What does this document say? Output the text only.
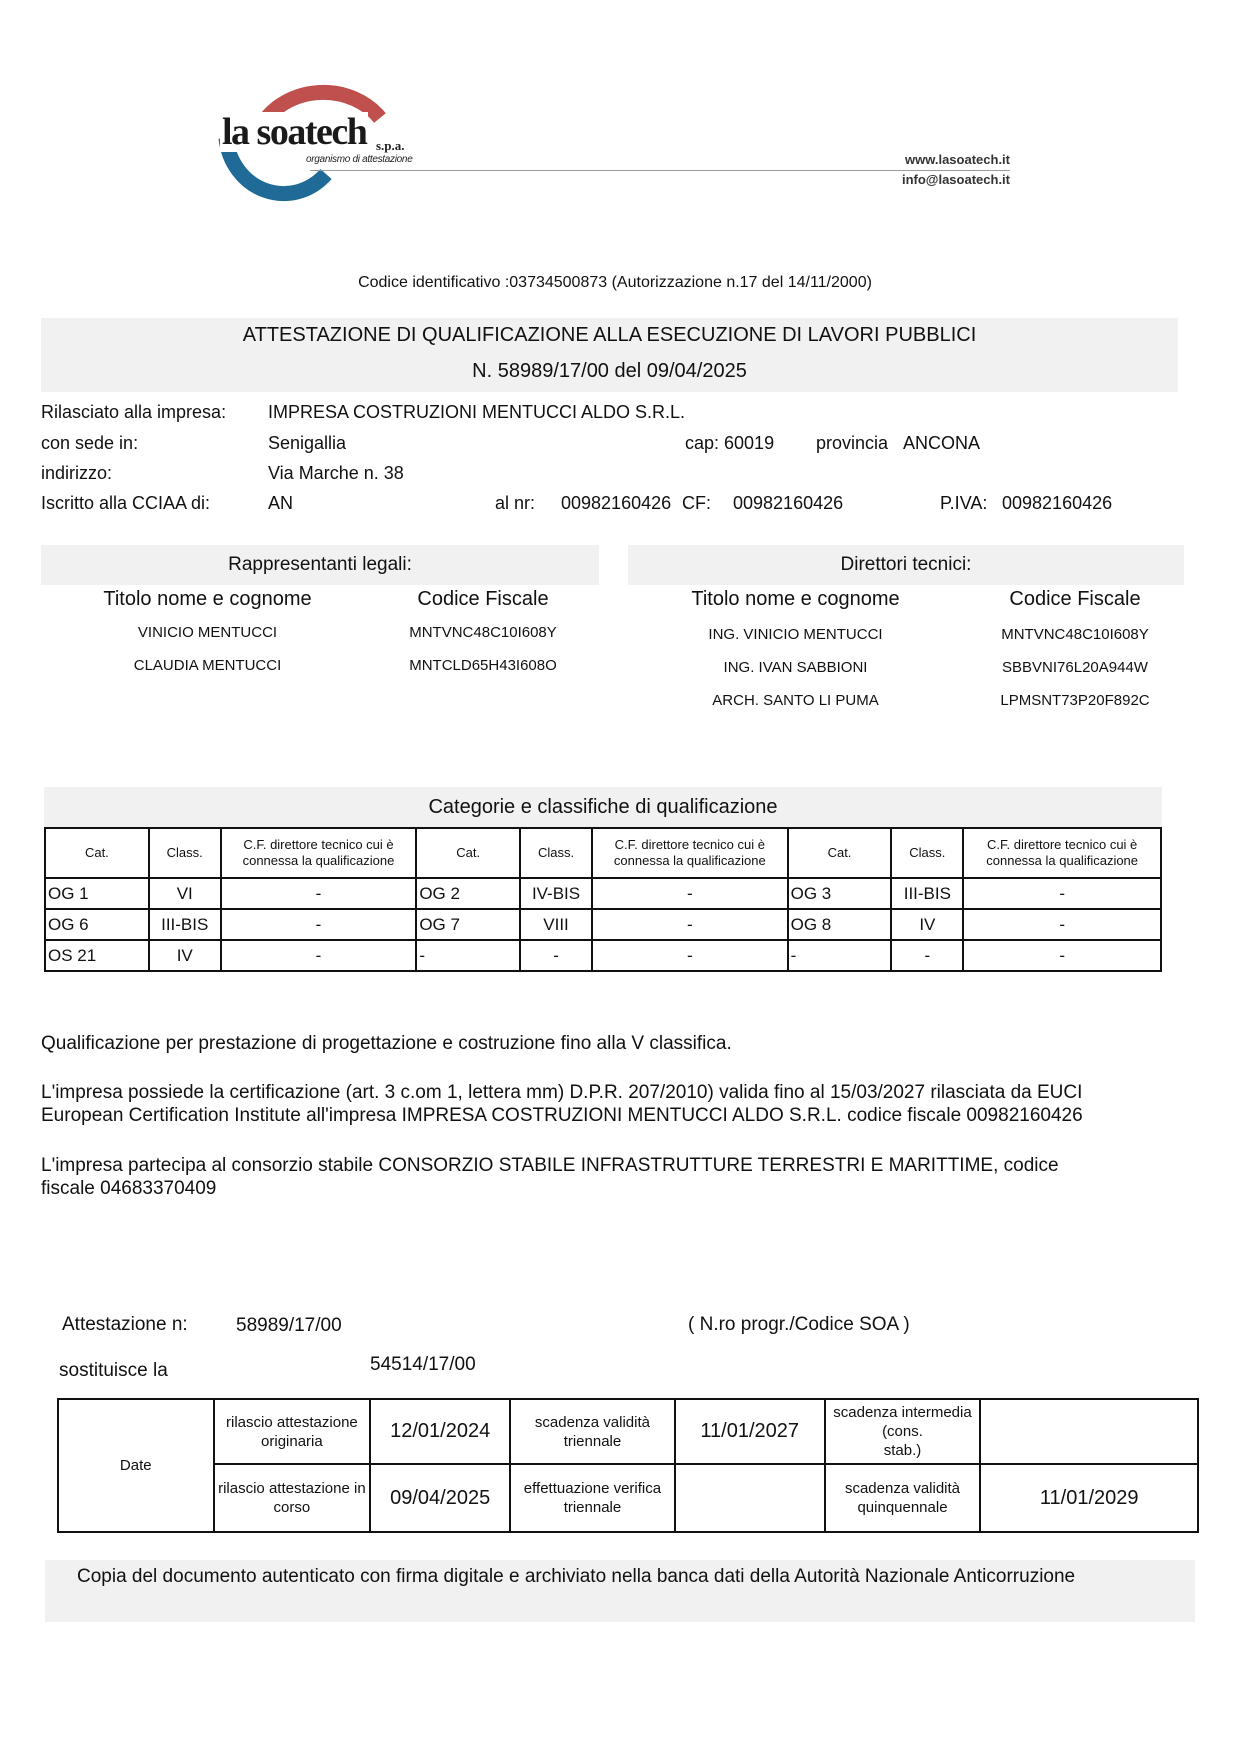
la soatech s.p.a.
organismo di attestazione	www.lasoatech.it
info@lasoatech.it
Codice identificativo :03734500873 (Autorizzazione n.17 del 14/11/2000)
ATTESTAZIONE DI QUALIFICAZIONE ALLA ESECUZIONE DI LAVORI PUBBLICI
N. 58989/17/00 del 09/04/2025
Rilasciato alla impresa: IMPRESA COSTRUZIONI MENTUCCI ALDO S.R.L.
con sede in:	Senigallia	cap: 60019 provincia ANCONA
indirizzo:	Via Marche n. 38
Iscritto alla CCIAA di:	AN	al nr: 00982160426 CF: 00982160426	P.IVA: 00982160426
Rappresentanti legali:
Titolo nome e cognome	Codice Fiscale
VINICIO MENTUCCI	MNTVNC48C10I608Y
CLAUDIA MENTUCCI	MNTCLD65H43I608O
Direttori tecnici:
Titolo nome e cognome	Codice Fiscale
ING. VINICIO MENTUCCI	MNTVNC48C10I608Y
ING. IVAN SABBIONI	SBBVNI76L20A944W
ARCH. SANTO LI PUMA	LPMSNT73P20F892C
Categorie e classifiche di qualificazione
Cat.	Class.	C.F. direttore tecnico cui è
connessa la qualificazione	Cat.	Class.	C.F. direttore tecnico cui è
connessa la qualificazione	Cat.	Class.	C.F. direttore tecnico cui è
connessa la qualificazione
OG 1	VI	-	OG 2	IV-BIS	-	OG 3	III-BIS	-
OG 6	III-BIS	-	OG 7	VIII	-	OG 8	IV	-
OS 21	IV	-	-	-	-	-	-	-
Qualificazione per prestazione di progettazione e costruzione fino alla V classifica.
L'impresa possiede la certificazione (art. 3 c.om 1, lettera mm) D.P.R. 207/2010) valida fino al 15/03/2027 rilasciata da EUCI
European Certification Institute all'impresa IMPRESA COSTRUZIONI MENTUCCI ALDO S.R.L. codice fiscale 00982160426
L'impresa partecipa al consorzio stabile CONSORZIO STABILE INFRASTRUTTURE TERRESTRI E MARITTIME, codice
fiscale 04683370409
Attestazione n:	58989/17/00	( N.ro progr./Codice SOA )
sostituisce la	54514/17/00
Date	rilascio attestazione originaria	12/01/2024	scadenza validità triennale	11/01/2027	scadenza intermedia
(cons.
stab.)	
	rilascio attestazione in corso	09/04/2025	effettuazione verifica triennale		scadenza validità quinquennale	11/01/2029
Copia del documento autenticato con firma digitale e archiviato nella banca dati della Autorità Nazionale Anticorruzione
